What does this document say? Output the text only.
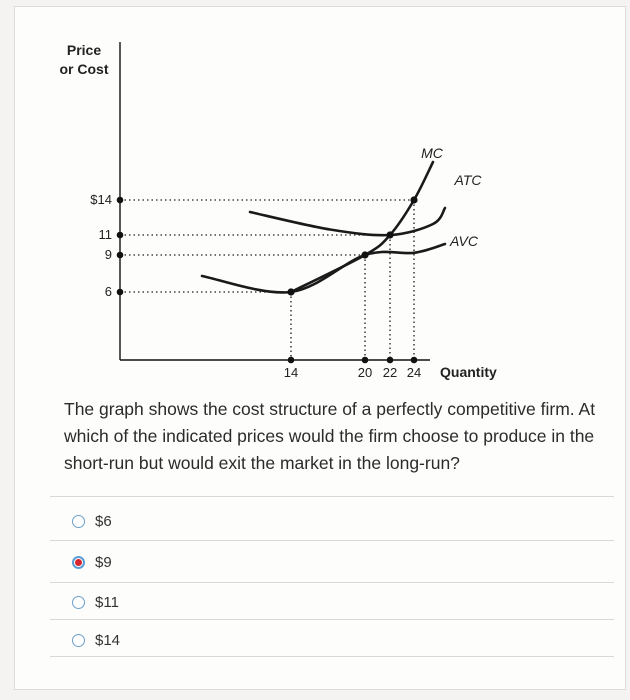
Price
or Cost
Quantity
$14
11
9
6
14	20 22 24
MC
ATC
AVC

The graph shows the cost structure of a perfectly competitive firm. At which of the indicated prices would the firm choose to produce in the short-run but would exit the market in the long-run?

$6
$9
$11
$14
